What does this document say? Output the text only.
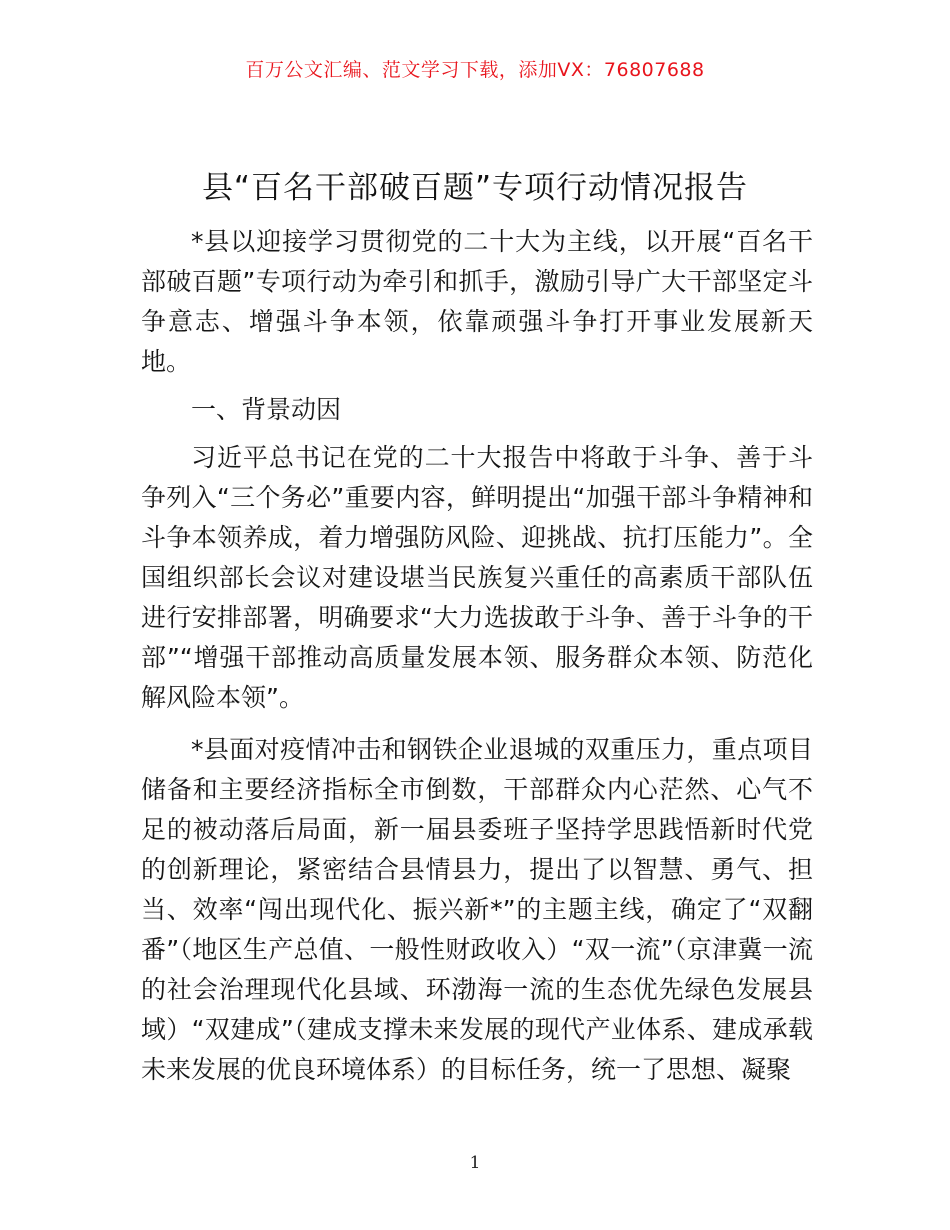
百万公文汇编、范文学习下载，添加VX：76807688
县“百名干部破百题”专项行动情况报告

*县以迎接学习贯彻党的二十大为主线，以开展“百名干部破百题”专项行动为牵引和抓手，激励引导广大干部坚定斗争意志、增强斗争本领，依靠顽强斗争打开事业发展新天地。

一、背景动因

习近平总书记在党的二十大报告中将敢于斗争、善于斗争列入“三个务必”重要内容，鲜明提出“加强干部斗争精神和斗争本领养成，着力增强防风险、迎挑战、抗打压能力”。全国组织部长会议对建设堪当民族复兴重任的高素质干部队伍进行安排部署，明确要求“大力选拔敢于斗争、善于斗争的干部”“增强干部推动高质量发展本领、服务群众本领、防范化解风险本领”。

*县面对疫情冲击和钢铁企业退城的双重压力，重点项目储备和主要经济指标全市倒数，干部群众内心茫然、心气不足的被动落后局面，新一届县委班子坚持学思践悟新时代党的创新理论，紧密结合县情县力，提出了以智慧、勇气、担当、效率“闯出现代化、振兴新*”的主题主线，确定了“双翻番”（地区生产总值、一般性财政收入）“双一流”（京津冀一流的社会治理现代化县域、环渤海一流的生态优先绿色发展县域）“双建成”（建成支撑未来发展的现代产业体系、建成承载未来发展的优良环境体系）的目标任务，统一了思想、凝聚

1
